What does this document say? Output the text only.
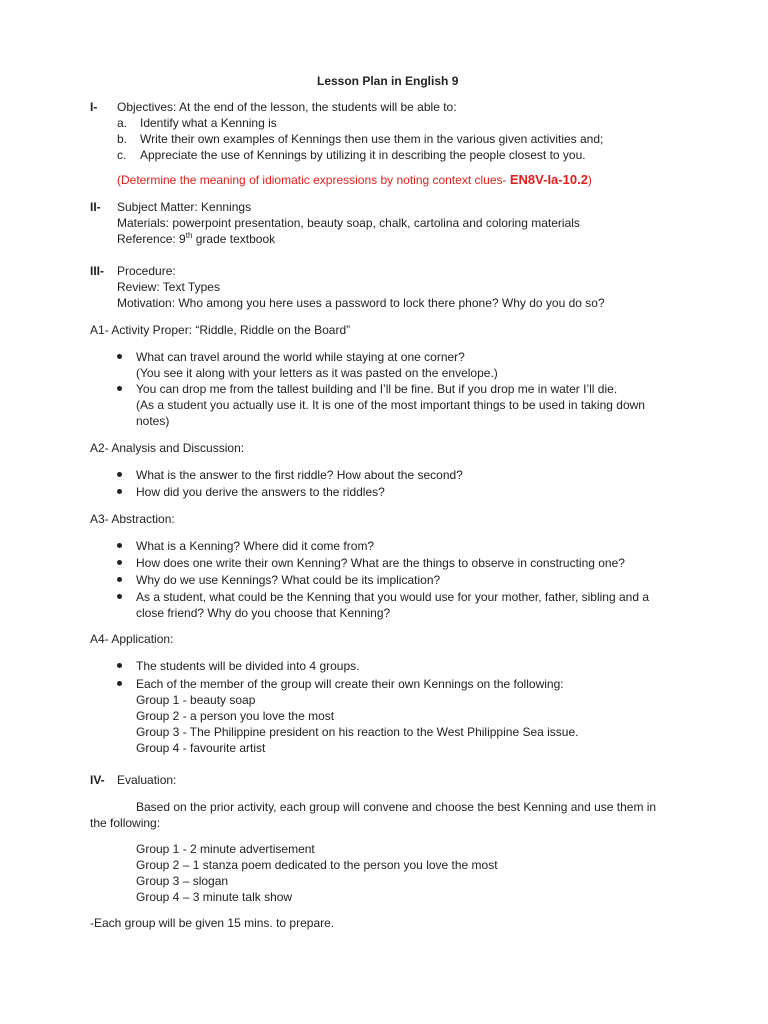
Lesson Plan in English 9
I- Objectives: At the end of the lesson, the students will be able to:
a. Identify what a Kenning is
b. Write their own examples of Kennings then use them in the various given activities and;
c. Appreciate the use of Kennings by utilizing it in describing the people closest to you.
(Determine the meaning of idiomatic expressions by noting context clues- EN8V-Ia-10.2)
II- Subject Matter: Kennings
Materials: powerpoint presentation, beauty soap, chalk, cartolina and coloring materials
Reference: 9th grade textbook
III- Procedure:
Review: Text Types
Motivation: Who among you here uses a password to lock there phone? Why do you do so?
A1- Activity Proper: “Riddle, Riddle on the Board”
What can travel around the world while staying at one corner?
(You see it along with your letters as it was pasted on the envelope.)
You can drop me from the tallest building and I’ll be fine. But if you drop me in water I’ll die.
(As a student you actually use it. It is one of the most important things to be used in taking down
notes)
A2- Analysis and Discussion:
What is the answer to the first riddle? How about the second?
How did you derive the answers to the riddles?
A3- Abstraction:
What is a Kenning? Where did it come from?
How does one write their own Kenning? What are the things to observe in constructing one?
Why do we use Kennings? What could be its implication?
As a student, what could be the Kenning that you would use for your mother, father, sibling and a
close friend? Why do you choose that Kenning?
A4- Application:
The students will be divided into 4 groups.
Each of the member of the group will create their own Kennings on the following:
Group 1 - beauty soap
Group 2 - a person you love the most
Group 3 - The Philippine president on his reaction to the West Philippine Sea issue.
Group 4 - favourite artist
IV- Evaluation:
Based on the prior activity, each group will convene and choose the best Kenning and use them in
the following:
Group 1 - 2 minute advertisement
Group 2 – 1 stanza poem dedicated to the person you love the most
Group 3 – slogan
Group 4 – 3 minute talk show
-Each group will be given 15 mins. to prepare.
